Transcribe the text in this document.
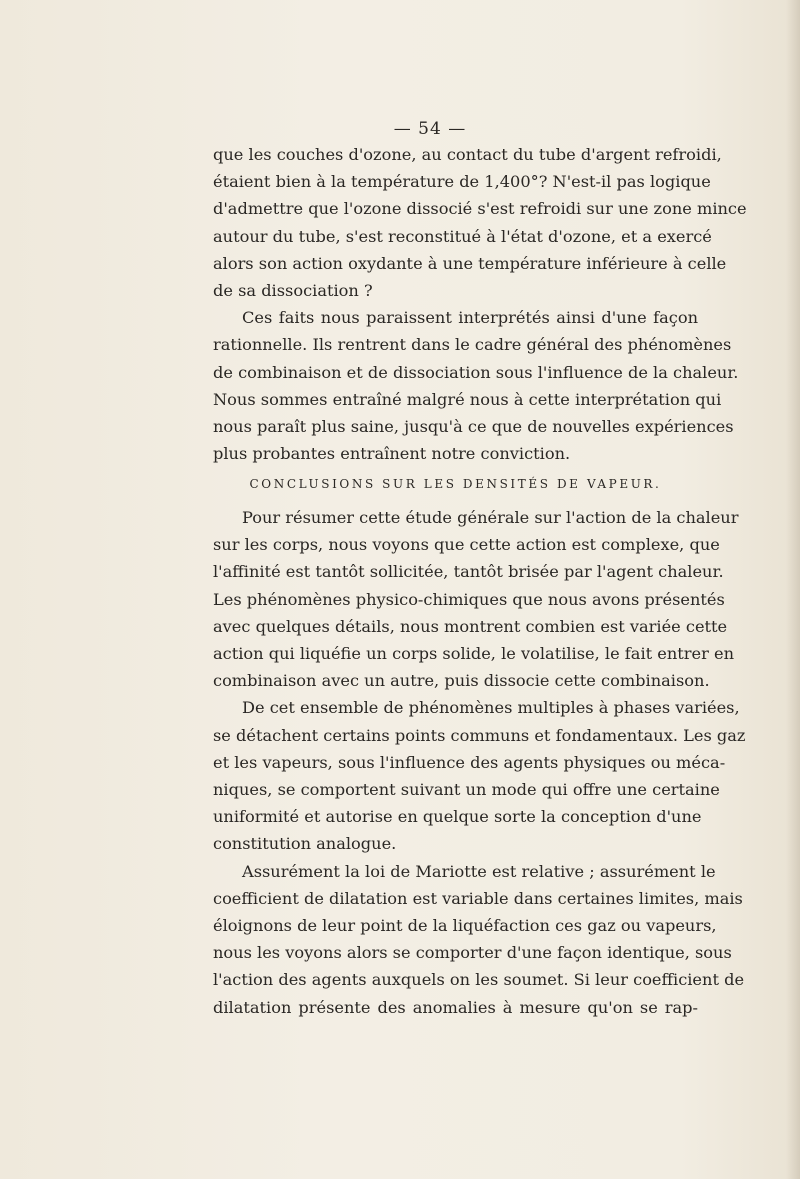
— 54 —
que les couches d'ozone, au contact du tube d'argent refroidi,
étaient bien à la température de 1,400°? N'est-il pas logique
d'admettre que l'ozone dissocié s'est refroidi sur une zone mince
autour du tube, s'est reconstitué à l'état d'ozone, et a exercé
alors son action oxydante à une température inférieure à celle
de sa dissociation ?
Ces faits nous paraissent interprétés ainsi d'une façon
rationnelle. Ils rentrent dans le cadre général des phénomènes
de combinaison et de dissociation sous l'influence de la chaleur.
Nous sommes entraîné malgré nous à cette interprétation qui
nous paraît plus saine, jusqu'à ce que de nouvelles expériences
plus probantes entraînent notre conviction.
CONCLUSIONS SUR LES DENSITÉS DE VAPEUR.
Pour résumer cette étude générale sur l'action de la chaleur
sur les corps, nous voyons que cette action est complexe, que
l'affinité est tantôt sollicitée, tantôt brisée par l'agent chaleur.
Les phénomènes physico-chimiques que nous avons présentés
avec quelques détails, nous montrent combien est variée cette
action qui liquéfie un corps solide, le volatilise, le fait entrer en
combinaison avec un autre, puis dissocie cette combinaison.
De cet ensemble de phénomènes multiples à phases variées,
se détachent certains points communs et fondamentaux. Les gaz
et les vapeurs, sous l'influence des agents physiques ou méca-
niques, se comportent suivant un mode qui offre une certaine
uniformité et autorise en quelque sorte la conception d'une
constitution analogue.
Assurément la loi de Mariotte est relative ; assurément le
coefficient de dilatation est variable dans certaines limites, mais
éloignons de leur point de la liquéfaction ces gaz ou vapeurs,
nous les voyons alors se comporter d'une façon identique, sous
l'action des agents auxquels on les soumet. Si leur coefficient de
dilatation présente des anomalies à mesure qu'on se rap-
